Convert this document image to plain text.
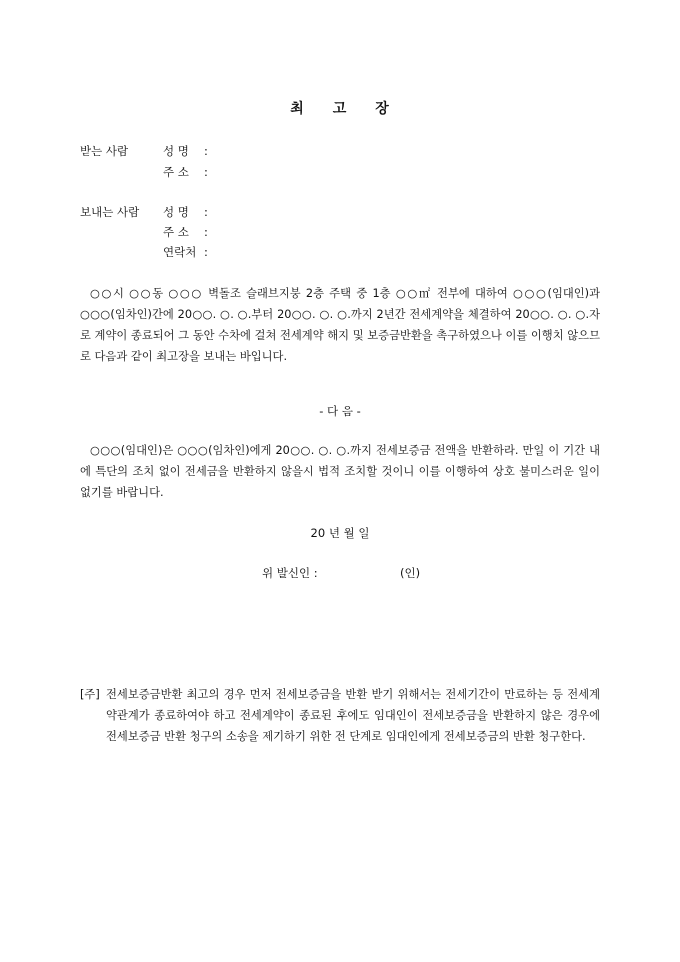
최 고 장
받는 사람	성 명 :
주 소 :
보내는 사람 성 명 :
주 소 :
연락처 :

○○시 ○○동 ○○○ 벽돌조 슬래브지붕 2층 주택 중 1층 ○○㎡ 전부에 대하여 ○○○(임대인)과 ○○○(임차인)간에 20○○. ○. ○.부터 20○○. ○. ○.까지 2년간 전세계약을 체결하여 20○○. ○. ○.자로 계약이 종료되어 그 동안 수차에 걸쳐 전세계약 해지 및 보증금반환을 촉구하였으나 이를 이행치 않으므로 다음과 같이 최고장을 보내는 바입니다.

- 다 음 -

○○○(임대인)은 ○○○(임차인)에게 20○○. ○. ○.까지 전세보증금 전액을 반환하라. 만일 이 기간 내에 특단의 조치 없이 전세금을 반환하지 않을시 법적 조치할 것이니 이를 이행하여 상호 불미스러운 일이 없기를 바랍니다.

20 년 월 일
위 발신인 :	(인)
[주] 전세보증금반환 최고의 경우 먼저 전세보증금을 반환 받기 위해서는 전세기간이 만료하는 등 전세계약관계가 종료하여야 하고 전세계약이 종료된 후에도 임대인이 전세보증금을 반환하지 않은 경우에 전세보증금 반환 청구의 소송을 제기하기 위한 전 단계로 임대인에게 전세보증금의 반환 청구한다.
